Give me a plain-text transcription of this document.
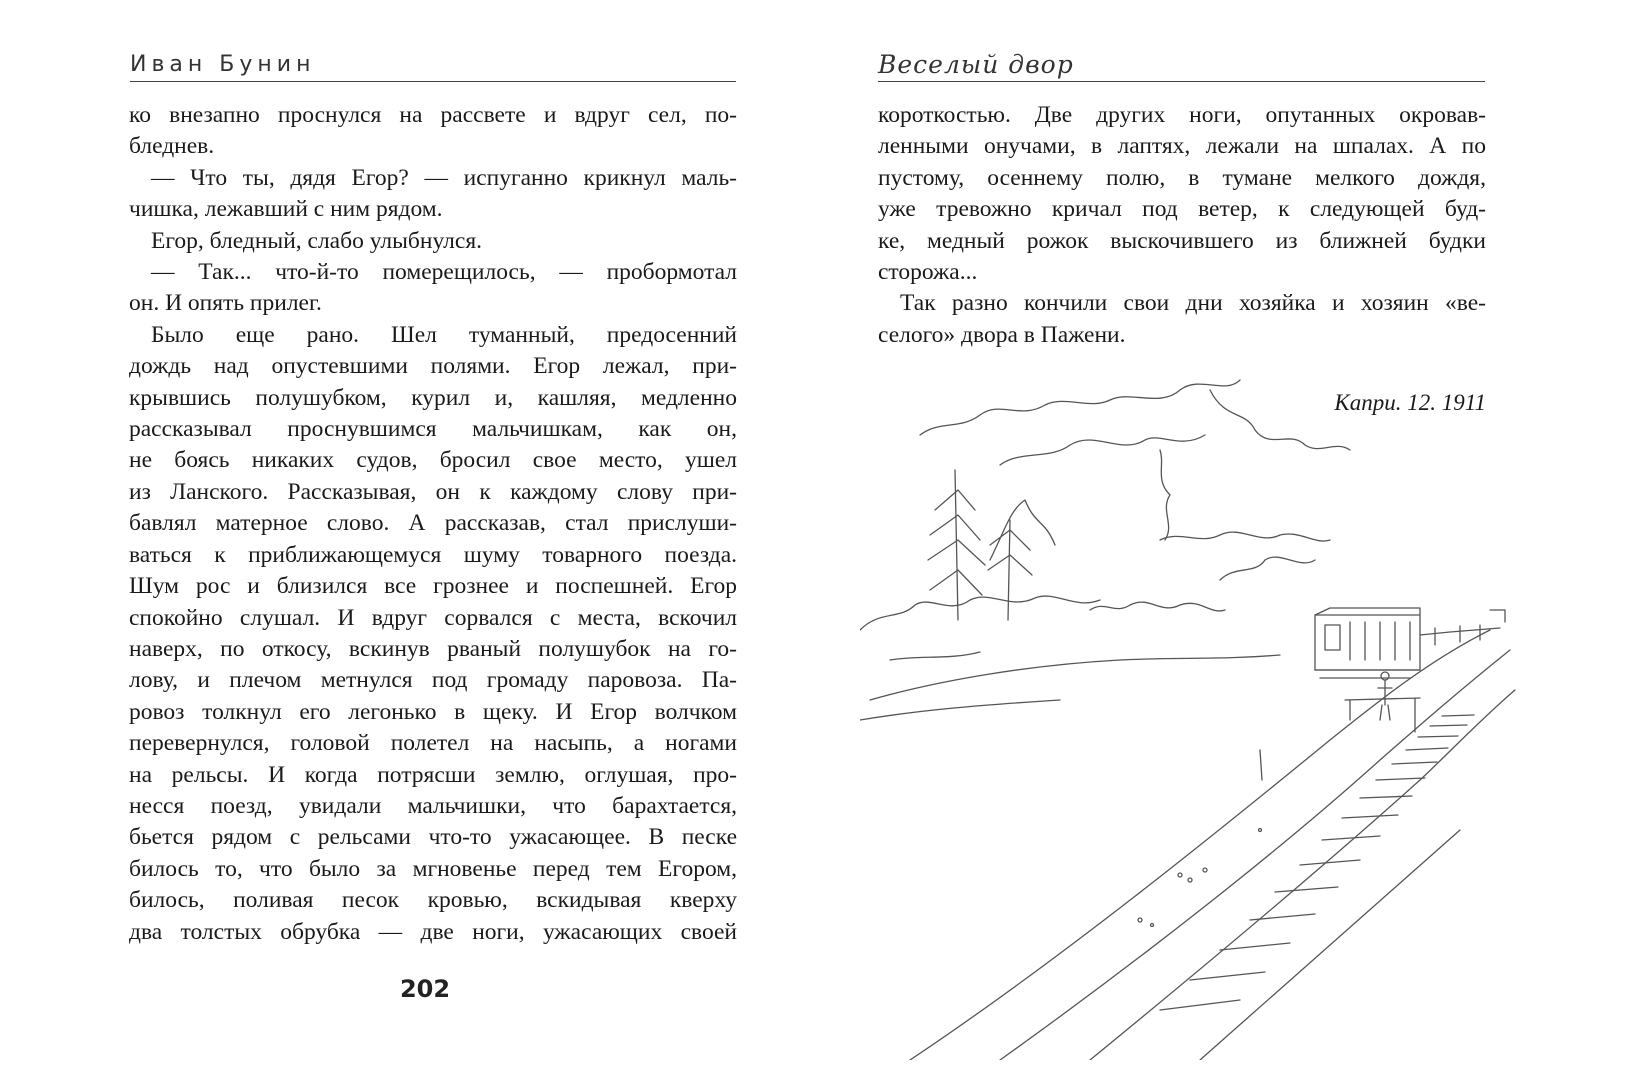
Иван Бунин
ко внезапно проснулся на рассвете и вдруг сел, по-
бледнев.
— Что ты, дядя Егор? — испуганно крикнул маль-
чишка, лежавший с ним рядом.
Егор, бледный, слабо улыбнулся.
— Так... что-й-то померещилось, — пробормотал
он. И опять прилег.
Было еще рано. Шел туманный, предосенний
дождь над опустевшими полями. Егор лежал, при-
крывшись полушубком, курил и, кашляя, медленно
рассказывал проснувшимся мальчишкам, как он,
не боясь никаких судов, бросил свое место, ушел
из Ланского. Рассказывая, он к каждому слову при-
бавлял матерное слово. А рассказав, стал прислуши-
ваться к приближающемуся шуму товарного поезда.
Шум рос и близился все грознее и поспешней. Егор
спокойно слушал. И вдруг сорвался с места, вскочил
наверх, по откосу, вскинув рваный полушубок на го-
лову, и плечом метнулся под громаду паровоза. Па-
ровоз толкнул его легонько в щеку. И Егор волчком
перевернулся, головой полетел на насыпь, а ногами
на рельсы. И когда потрясши землю, оглушая, про-
несся поезд, увидали мальчишки, что барахтается,
бьется рядом с рельсами что-то ужасающее. В песке
билось то, что было за мгновенье перед тем Егором,
билось, поливая песок кровью, вскидывая кверху
два толстых обрубка — две ноги, ужасающих своей
202
Веселый двор
короткостью. Две других ноги, опутанных окровав-
ленными онучами, в лаптях, лежали на шпалах. А по
пустому, осеннему полю, в тумане мелкого дождя,
уже тревожно кричал под ветер, к следующей буд-
ке, медный рожок выскочившего из ближней будки
сторожа...
Так разно кончили свои дни хозяйка и хозяин «ве-
селого» двора в Пажени.
Капри. 12. 1911
